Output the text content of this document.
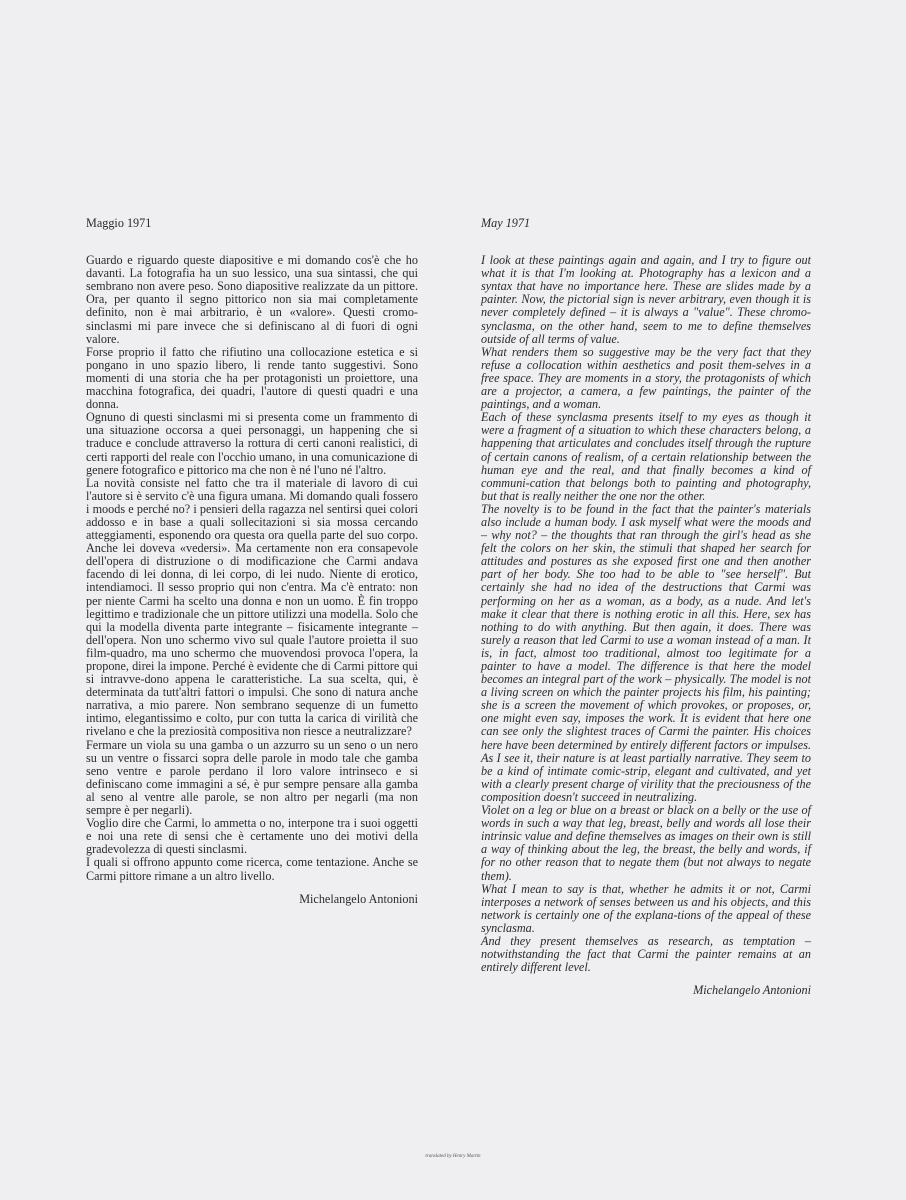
Maggio 1971

Guardo e riguardo queste diapositive e mi domando cos'è che ho davanti. La fotografia ha un suo lessico, una sua sintassi, che qui sembrano non avere peso. Sono diapositive realizzate da un pittore. Ora, per quanto il segno pittorico non sia mai completamente definito, non è mai arbitrario, è un «valore». Questi cromo-sinclasmi mi pare invece che si definiscano al di fuori di ogni valore.

Forse proprio il fatto che rifiutino una collocazione estetica e si pongano in uno spazio libero, li rende tanto suggestivi. Sono momenti di una storia che ha per protagonisti un proiettore, una macchina fotografica, dei quadri, l'autore di questi quadri e una donna.

Ognuno di questi sinclasmi mi si presenta come un frammento di una situazione occorsa a quei personaggi, un happening che si traduce e conclude attraverso la rottura di certi canoni realistici, di certi rapporti del reale con l'occhio umano, in una comunicazione di genere fotografico e pittorico ma che non è né l'uno né l'altro.

La novità consiste nel fatto che tra il materiale di lavoro di cui l'autore si è servito c'è una figura umana. Mi domando quali fossero i moods e perché no? i pensieri della ragazza nel sentirsi quei colori addosso e in base a quali sollecitazioni si sia mossa cercando atteggiamenti, esponendo ora questa ora quella parte del suo corpo. Anche lei doveva «vedersi». Ma certamente non era consapevole dell'opera di distruzione o di modificazione che Carmi andava facendo di lei donna, di lei corpo, di lei nudo. Niente di erotico, intendiamoci. Il sesso proprio qui non c'entra. Ma c'è entrato: non per niente Carmi ha scelto una donna e non un uomo. È fin troppo legittimo e tradizionale che un pittore utilizzi una modella. Solo che qui la modella diventa parte integrante – fisicamente integrante – dell'opera. Non uno schermo vivo sul quale l'autore proietta il suo film-quadro, ma uno schermo che muovendosi provoca l'opera, la propone, direi la impone. Perché è evidente che di Carmi pittore qui si intravve-dono appena le caratteristiche. La sua scelta, qui, è determinata da tutt'altri fattori o impulsi. Che sono di natura anche narrativa, a mio parere. Non sembrano sequenze di un fumetto intimo, elegantissimo e colto, pur con tutta la carica di virilità che rivelano e che la preziosità compositiva non riesce a neutralizzare?

Fermare un viola su una gamba o un azzurro su un seno o un nero su un ventre o fissarci sopra delle parole in modo tale che gamba seno ventre e parole perdano il loro valore intrinseco e si definiscano come immagini a sé, è pur sempre pensare alla gamba al seno al ventre alle parole, se non altro per negarli (ma non sempre è per negarli).

Voglio dire che Carmi, lo ammetta o no, interpone tra i suoi oggetti e noi una rete di sensi che è certamente uno dei motivi della gradevolezza di questi sinclasmi.

I quali si offrono appunto come ricerca, come tentazione. Anche se Carmi pittore rimane a un altro livello.

Michelangelo Antonioni

May 1971

I look at these paintings again and again, and I try to figure out what it is that I'm looking at. Photography has a lexicon and a syntax that have no importance here. These are slides made by a painter. Now, the pictorial sign is never arbitrary, even though it is never completely defined – it is always a "value". These chromo-synclasma, on the other hand, seem to me to define themselves outside of all terms of value.

What renders them so suggestive may be the very fact that they refuse a collocation within aesthetics and posit them-selves in a free space. They are moments in a story, the protagonists of which are a projector, a camera, a few paintings, the painter of the paintings, and a woman.

Each of these synclasma presents itself to my eyes as though it were a fragment of a situation to which these characters belong, a happening that articulates and concludes itself through the rupture of certain canons of realism, of a certain relationship between the human eye and the real, and that finally becomes a kind of communi-cation that belongs both to painting and photography, but that is really neither the one nor the other.

The novelty is to be found in the fact that the painter's materials also include a human body. I ask myself what were the moods and – why not? – the thoughts that ran through the girl's head as she felt the colors on her skin, the stimuli that shaped her search for attitudes and postures as she exposed first one and then another part of her body. She too had to be able to "see herself". But certainly she had no idea of the destructions that Carmi was performing on her as a woman, as a body, as a nude. And let's make it clear that there is nothing erotic in all this. Here, sex has nothing to do with anything. But then again, it does. There was surely a reason that led Carmi to use a woman instead of a man. It is, in fact, almost too traditional, almost too legitimate for a painter to have a model. The difference is that here the model becomes an integral part of the work – physically. The model is not a living screen on which the painter projects his film, his painting; she is a screen the movement of which provokes, or proposes, or, one might even say, imposes the work. It is evident that here one can see only the slightest traces of Carmi the painter. His choices here have been determined by entirely different factors or impulses. As I see it, their nature is at least partially narrative. They seem to be a kind of intimate comic-strip, elegant and cultivated, and yet with a clearly present charge of virility that the preciousness of the composition doesn't succeed in neutralizing.

Violet on a leg or blue on a breast or black on a belly or the use of words in such a way that leg, breast, belly and words all lose their intrinsic value and define themselves as images on their own is still a way of thinking about the leg, the breast, the belly and words, if for no other reason that to negate them (but not always to negate them).

What I mean to say is that, whether he admits it or not, Carmi interposes a network of senses between us and his objects, and this network is certainly one of the explana-tions of the appeal of these synclasma.

And they present themselves as research, as temptation – notwithstanding the fact that Carmi the painter remains at an entirely different level.

Michelangelo Antonioni

translated by Henry Martin
